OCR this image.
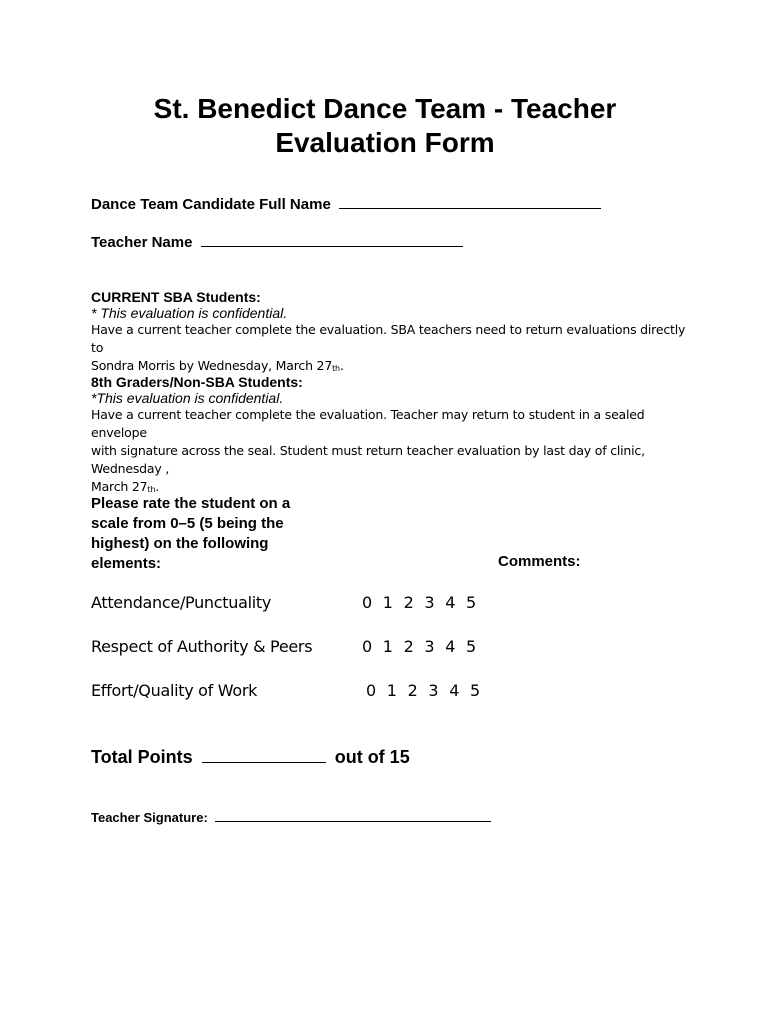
St. Benedict Dance Team - Teacher
Evaluation Form
Dance Team Candidate Full Name
Teacher Name
CURRENT SBA Students:
* This evaluation is confidential.
Have a current teacher complete the evaluation. SBA teachers need to return evaluations directly to
Sondra Morris by Wednesday, March 27th.
8th Graders/Non-SBA Students:
*This evaluation is confidential.
Have a current teacher complete the evaluation. Teacher may return to student in a sealed envelope
with signature across the seal. Student must return teacher evaluation by last day of clinic, Wednesday ,
March 27th.
Please rate the student on a
scale from 0–5 (5 being the
highest) on the following
elements:	Comments:
Attendance/Punctuality	0 1 2 3 4 5
Respect of Authority & Peers	0 1 2 3 4 5
Effort/Quality of Work	0 1 2 3 4 5
Total Points	out of 15
Teacher Signature:
